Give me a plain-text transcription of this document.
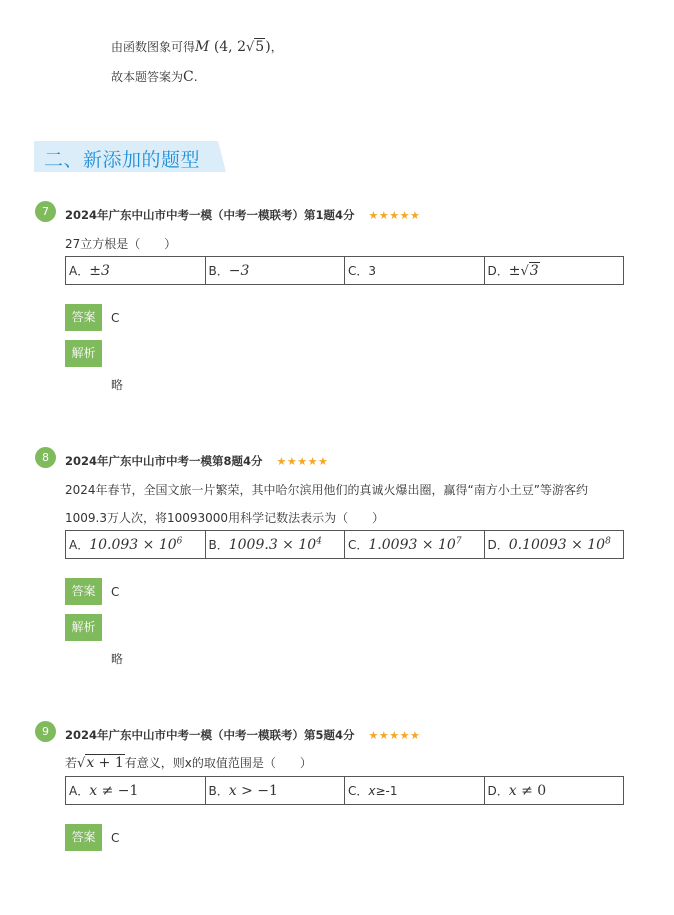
由函数图象可得M (4, 2√5)，
故本题答案为C.
二、新添加的题型
7	2024年广东中山市中考一模（中考一模联考）第1题4分 ★★★★★
27立方根是（　　）
A．±3	B．−3	C．3	D．±√3
答案	C
解析
略
8	2024年广东中山市中考一模第8题4分 ★★★★★
2024年春节，全国文旅一片繁荣，其中哈尔滨用他们的真诚火爆出圈，赢得“南方小土豆”等游客约
1009.3万人次，将10093000用科学记数法表示为（　　）
A．$10.093 \times 10^6$	B．$1009.3 \times 10^4$	C．$1.0093 \times 10^7$	D．$0.10093 \times 10^8$
答案	C
解析
略
9	2024年广东中山市中考一模（中考一模联考）第5题4分 ★★★★★
若√x + 1有意义，则x的取值范围是（　　）
A．x ≠ −1	B．x > −1	C．x≥-1	D．x ≠ 0
答案	C
